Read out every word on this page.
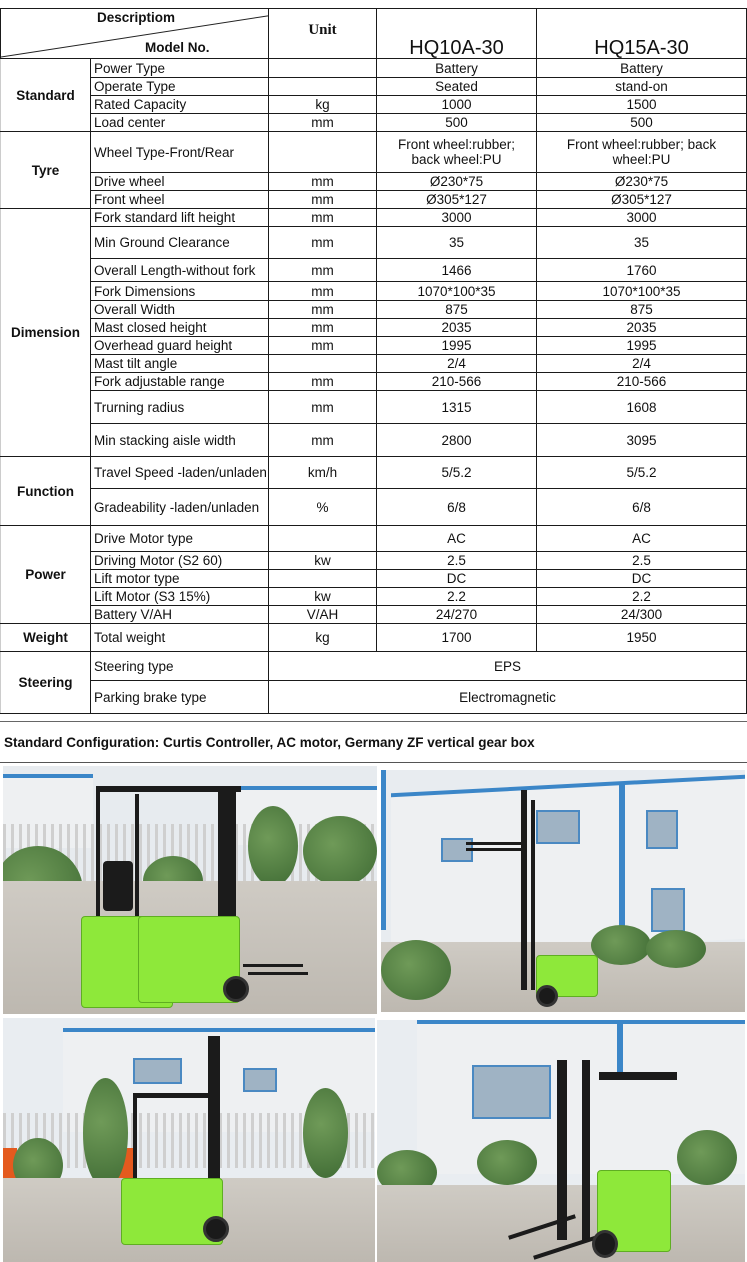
Descriptiom
Model No.		Unit	HQ10A-30	HQ15A-30
Standard	Power Type		Battery	Battery
	Operate Type		Seated	stand-on
	Rated Capacity	kg	1000	1500
	Load center	mm	500	500
Tyre	Wheel Type-Front/Rear		Front wheel:rubber; back wheel:PU	Front wheel:rubber; back wheel:PU
	Drive wheel	mm	Ø230*75	Ø230*75
	Front wheel	mm	Ø305*127	Ø305*127
Dimension	Fork standard lift height	mm	3000	3000
	Min Ground Clearance	mm	35	35
	Overall Length-without fork	mm	1466	1760
	Fork Dimensions	mm	1070*100*35	1070*100*35
	Overall Width	mm	875	875
	Mast closed height	mm	2035	2035
	Overhead guard height	mm	1995	1995
	Mast tilt angle		2/4	2/4
	Fork adjustable range	mm	210-566	210-566
	Trurning radius	mm	1315	1608
	Min stacking aisle width	mm	2800	3095
Function	Travel Speed -laden/unladen	km/h	5/5.2	5/5.2
	Gradeability -laden/unladen	%	6/8	6/8
Power	Drive Motor type		AC	AC
	Driving Motor (S2 60)	kw	2.5	2.5
	Lift motor type		DC	DC
	Lift Motor (S3 15%)	kw	2.2	2.2
	Battery V/AH	V/AH	24/270	24/300
Weight	Total weight	kg	1700	1950
Steering	Steering type	EPS		
	Parking brake type	Electromagnetic		
Standard Configuration: Curtis Controller, AC motor, Germany ZF vertical gear box
